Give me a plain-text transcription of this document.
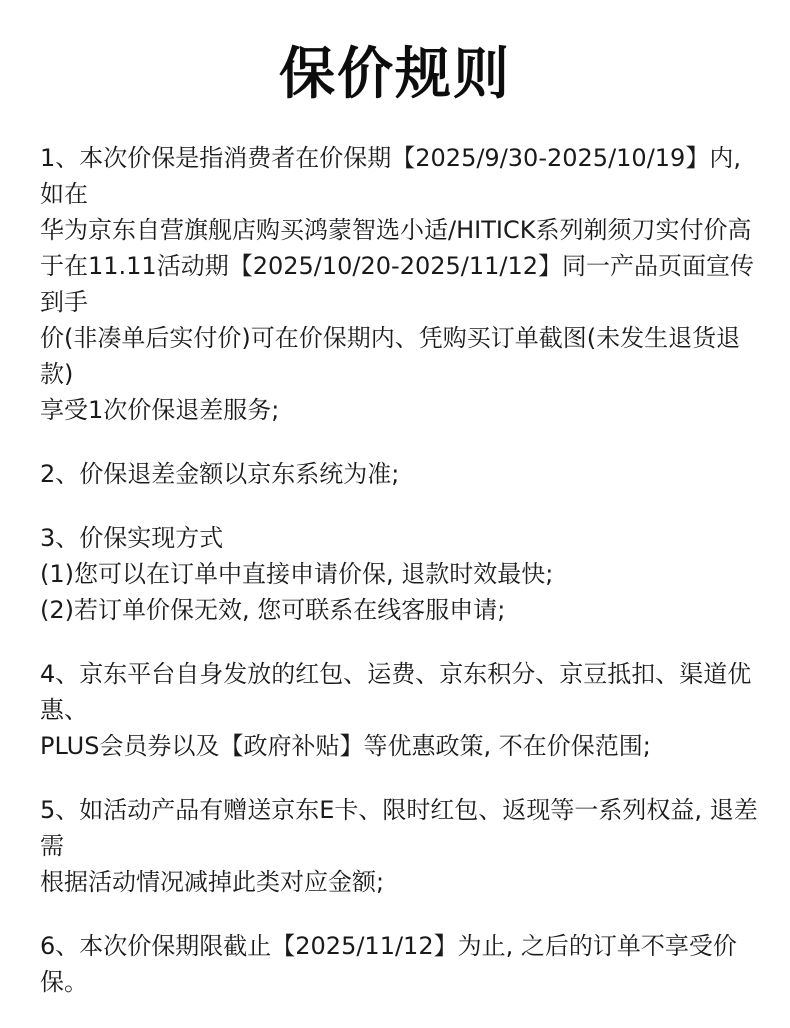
保价规则

1、本次价保是指消费者在价保期【2025/9/30-2025/10/19】内, 如在

华为京东自营旗舰店购买鸿蒙智选小适/HITICK系列剃须刀实付价高

于在11.11活动期【2025/10/20-2025/11/12】同一产品页面宣传到手

价(非凑单后实付价)可在价保期内、凭购买订单截图(未发生退货退款)

享受1次价保退差服务;

2、价保退差金额以京东系统为准;

3、价保实现方式

(1)您可以在订单中直接申请价保, 退款时效最快;

(2)若订单价保无效, 您可联系在线客服申请;

4、京东平台自身发放的红包、运费、京东积分、京豆抵扣、渠道优惠、

PLUS会员券以及【政府补贴】等优惠政策, 不在价保范围;

5、如活动产品有赠送京东E卡、限时红包、返现等一系列权益, 退差需

根据活动情况减掉此类对应金额;

6、本次价保期限截止【2025/11/12】为止, 之后的订单不享受价保。
